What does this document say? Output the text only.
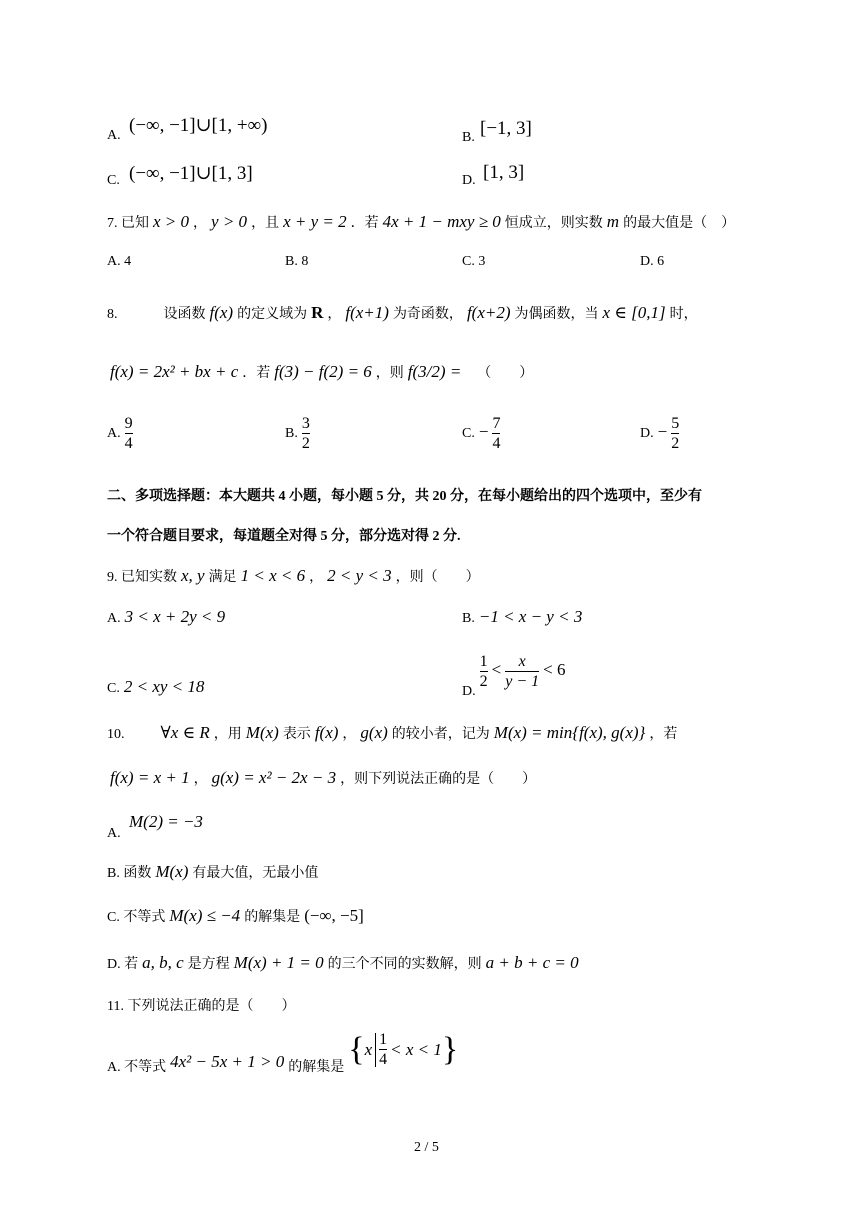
A. (−∞, −1]∪[1, +∞)
B. [−1, 3]
C. (−∞, −1]∪[1, 3]	D. [1, 3]
7. 已知 x > 0 ， y > 0 ，且 x + y = 2 ．若 4x + 1 − mxy ≥ 0 恒成立，则实数 m 的最大值是（　）
A. 4	B. 8	C. 3	D. 6
8.	设函数 f(x) 的定义域为 R ， f(x+1) 为奇函数， f(x+2) 为偶函数，当 x ∈ [0,1] 时，
f(x) = 2x² + bx + c ．若 f(3) − f(2) = 6 ，则 f(3/2) = （　　）
A. $\frac{9}{4}$	B. $\frac{3}{2}$	C. − $\frac{7}{4}$	D. − $\frac{5}{2}$
二、多项选择题：本大题共 4 小题，每小题 5 分，共 20 分，在每小题给出的四个选项中，至少有
一个符合题目要求，每道题全对得 5 分，部分选对得 2 分.
9. 已知实数 x, y 满足 1 < x < 6 ， 2 < y < 3 ，则（　　）
A. 3 < x + 2y < 9	B. −1 < x − y < 3
C. 2 < xy < 18	D.
$\frac{1}{2} < \frac{x}{y - 1} < 6$
10. ∀x ∈ R ，用 M(x) 表示 f(x) ， g(x) 的较小者，记为 M(x) = min{f(x), g(x)} ，若
f(x) = x + 1 ， g(x) = x² − 2x − 3 ，则下列说法正确的是（　　）
A.
M(2) = −3
B. 函数 M(x) 有最大值，无最小值
C. 不等式 M(x) ≤ −4 的解集是 (−∞, −5]
D. 若 a, b, c 是方程 M(x) + 1 = 0 的三个不同的实数解，则 a + b + c = 0
11. 下列说法正确的是（　　）
A. 不等式 4x² − 5x + 1 > 0 的解集是
{ x $\frac{1}{4} < x < 1$ }
2 / 5
